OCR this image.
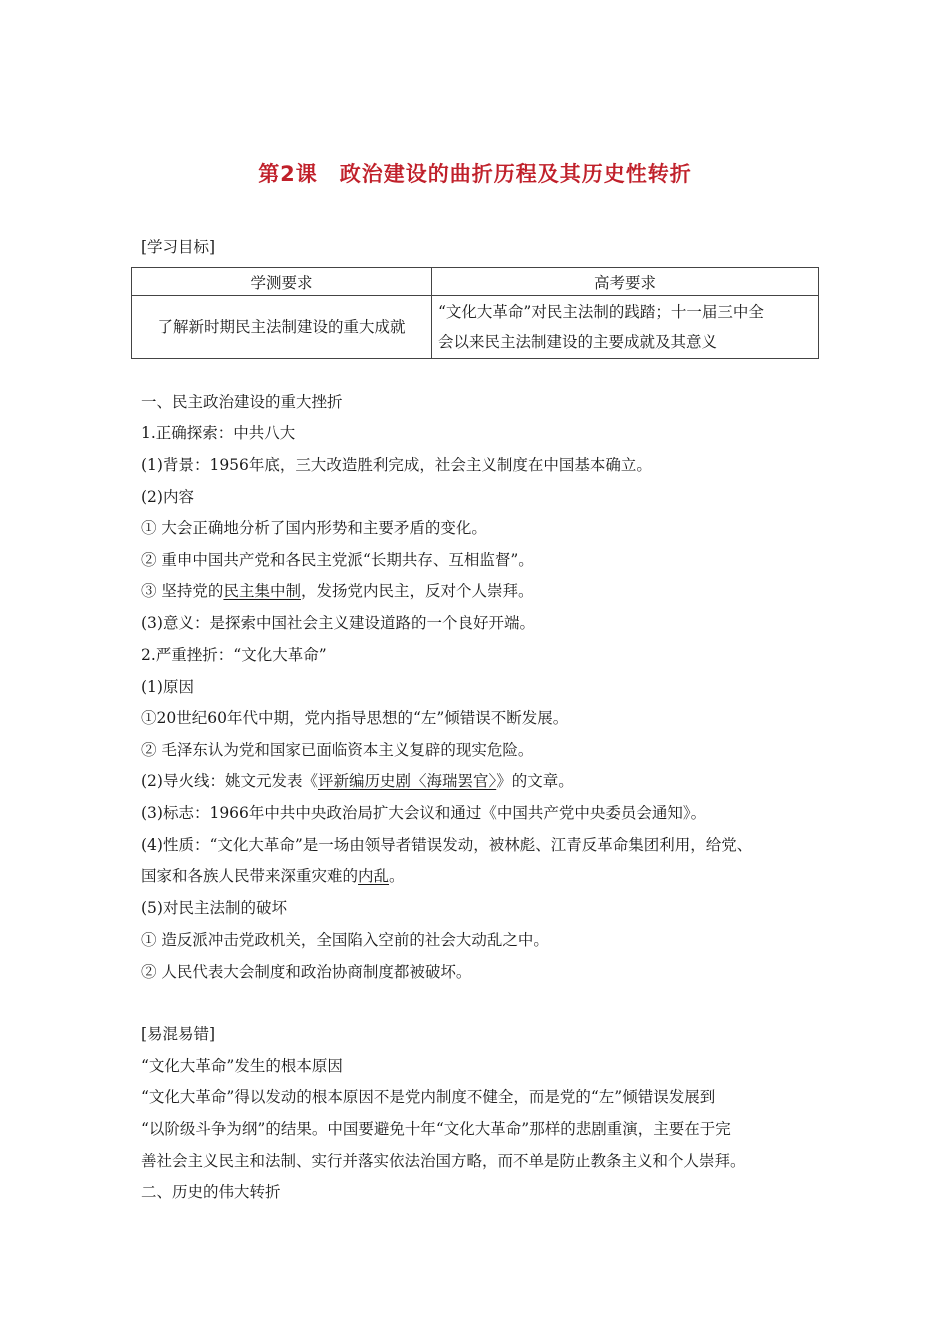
第2课　政治建设的曲折历程及其历史性转折
[学习目标]
学测要求	高考要求
了解新时期民主法制建设的重大成就	“文化大革命”对民主法制的践踏；十一届三中全
会以来民主法制建设的主要成就及其意义
一、民主政治建设的重大挫折
1.正确探索：中共八大
(1)背景：1956年底，三大改造胜利完成，社会主义制度在中国基本确立。
(2)内容
① 大会正确地分析了国内形势和主要矛盾的变化。
② 重申中国共产党和各民主党派“长期共存、互相监督”。
③ 坚持党的民主集中制，发扬党内民主，反对个人崇拜。
(3)意义：是探索中国社会主义建设道路的一个良好开端。
2.严重挫折：“文化大革命”
(1)原因
①20世纪60年代中期，党内指导思想的“左”倾错误不断发展。
② 毛泽东认为党和国家已面临资本主义复辟的现实危险。
(2)导火线：姚文元发表《评新编历史剧〈海瑞罢官〉》的文章。
(3)标志：1966年中共中央政治局扩大会议和通过《中国共产党中央委员会通知》。
(4)性质：“文化大革命”是一场由领导者错误发动，被林彪、江青反革命集团利用，给党、
国家和各族人民带来深重灾难的内乱。
(5)对民主法制的破坏
① 造反派冲击党政机关，全国陷入空前的社会大动乱之中。
② 人民代表大会制度和政治协商制度都被破坏。
[易混易错]
“文化大革命”发生的根本原因
“文化大革命”得以发动的根本原因不是党内制度不健全，而是党的“左”倾错误发展到
“以阶级斗争为纲”的结果。中国要避免十年“文化大革命”那样的悲剧重演，主要在于完
善社会主义民主和法制、实行并落实依法治国方略，而不单是防止教条主义和个人崇拜。
二、历史的伟大转折
